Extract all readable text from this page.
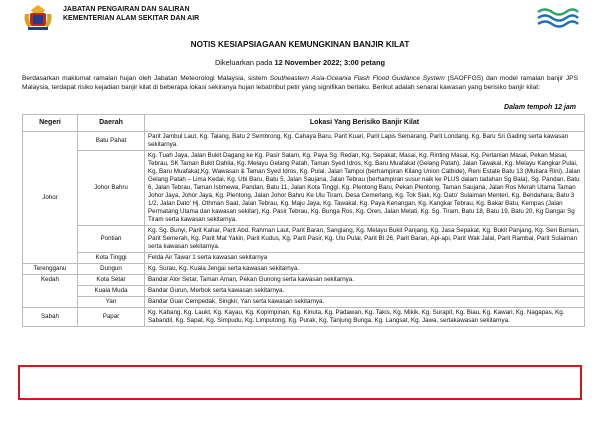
JABATAN PENGAIRAN DAN SALIRAN
KEMENTERIAN ALAM SEKITAR DAN AIR
NOTIS KESIAPSIAGAAN KEMUNGKINAN BANJIR KILAT
Dikeluarkan pada 12 November 2022; 3:00 petang
Berdasarkan maklumat ramalan hujan oleh Jabatan Meteorologi Malaysia, sistem Southeastern Asia-Oceania Flash Flood Guidance System (SAOFFGS) dan model ramalan banjir JPS Malaysia, terdapat risiko kejadian banjir kilat di beberapa lokasi sekiranya hujan lebat/ribut petir yang signifikan berlaku. Berikut adalah senarai kawasan yang berisiko banjir kilat:
Dalam tempoh 12 jam
Negeri	Daerah	Lokasi Yang Berisiko Banjir Kilat
Johor	Batu Pahat	Parit Jambul Laut, Kg. Talang, Batu 2 Sembrong, Kg. Cahaya Baru, Parit Kuari, Parit Lapis Semarang, Parit Londang, Kg. Baru Sri Gading serta kawasan sekitarnya.
	Johor Bahru	Kg. Tuah Jaya, Jalan Bukit Dagang ke Kg. Pasir Salam, Kg. Paya Sg. Redan, Kg. Sepakat, Masai, Kg. Rinting Masai, Kg. Pertanian Masai, Pekan Masai, Tebrau, SK Taman Bukit Dahlia, Kg. Melayu Gelang Patah, Taman Syed Idros, Kg. Baru Muafakat (Gelang Patah), Jalan Tawakal, Kg. Melayu Kangkar Pulai, Kg. Baru Muafakat,Kg. Wawasan & Taman Syed Idros, Kg. Pulai, Jalan Tampoi (berhampiran Kilang Union Catbide), Reni Estate Batu 13 (Mutiara Rini), Jalan Gelang Patah – Lima Kedai, Kg. Ubi Baru, Batu 5, Jalan Saujana, Jalan Tebrau (berhampiran susur naik ke PLUS dalam tadahan Sg Bala), Sg. Pandan, Batu 6, Jalan Tebrau, Taman Istimewa, Pandan, Batu 11, Jalan Kota Tinggi, Kg. Plentong Baru, Pekan Plentong, Taman Saujana, Jalan Ros Merah Utama Taman Johor Jaya, Johor Jaya, Kg. Plentong, Jalan Johor Bahru Ke Ulu Tiram, Desa Cemerlang, Kg. Tok Siak, Kg. Dato' Sulaiman Menteri, Kg. Bendahara, Batu 3 1/2, Jalan Dato' Hj. Othman Saat, Jalan Tebrau, Kg. Maju Jaya, Kg. Tawakal, Kg. Paya Kenangan, Kg. Kangkar Tebrau, Kg. Bakar Batu, Kempas (Jalan Permatang Utama dan kawasan sekitar), Kg. Pasir Tebrau, Kg. Bunga Ros, Kg. Oren, Jalan Melati, Kg. Sg. Tiram, Batu 18, Batu 19, Batu 20, Kg Dangar Sg Tiram serta kawasan sekitarnya.
	Pontian	Kg. Sg. Bunyi, Parit Kahar, Parit Abd. Rahman Laut, Parit Baran, Sanglang, Kg. Melayu Bukit Panjang, Kg. Jasa Sepakat, Kg. Bukit Panjang, Kg. Seri Bunian, Parit Semerah, Kg. Parit Mat Yakin, Parit Kudus, Kg. Parit Pasir, Kg. Ulu Pulai, Parit Bt 26, Parit Baran, Api-api, Parit Wak Jalal, Parit Rambai, Parit Sulaiman serta kawasan sekitarnya.
	Kota Tinggi	Felda Air Tawar 1 serta kawasan sekitarnya
Terengganu	Dungun	Kg. Surau, Kg. Kuala Jengai serta kawasan sekitarnya.
Kedah	Kota Setar	Bandar Alor Setar, Taman Aman, Pekan Gunong serta kawasan sekitarnya.
	Kuala Muda	Bandar Gurun, Merbok serta kawasan sekitarnya.
	Yan	Bandar Guar Cempedak, Singkir, Yan serta kawasan sekitarnya.
Sabah	Papar	Kg. Kabang, Kg. Laukt, Kg. Kayau, Kg. Kopimpinan, Kg. Kinuta, Kg. Padawan, Kg. Takis, Kg. Mikik, Kg. Surapit, Kg. Biau, Kg. Kawari, Kg. Nagapas, Kg. Sabandil, Kg. Sapat, Kg. Simpudu, Kg. Limputong, Kg. Purak, Kg. Tanjung Bunga, Kg. Langsat, Kg. Jawa, sertakawasan sekitarnya.
